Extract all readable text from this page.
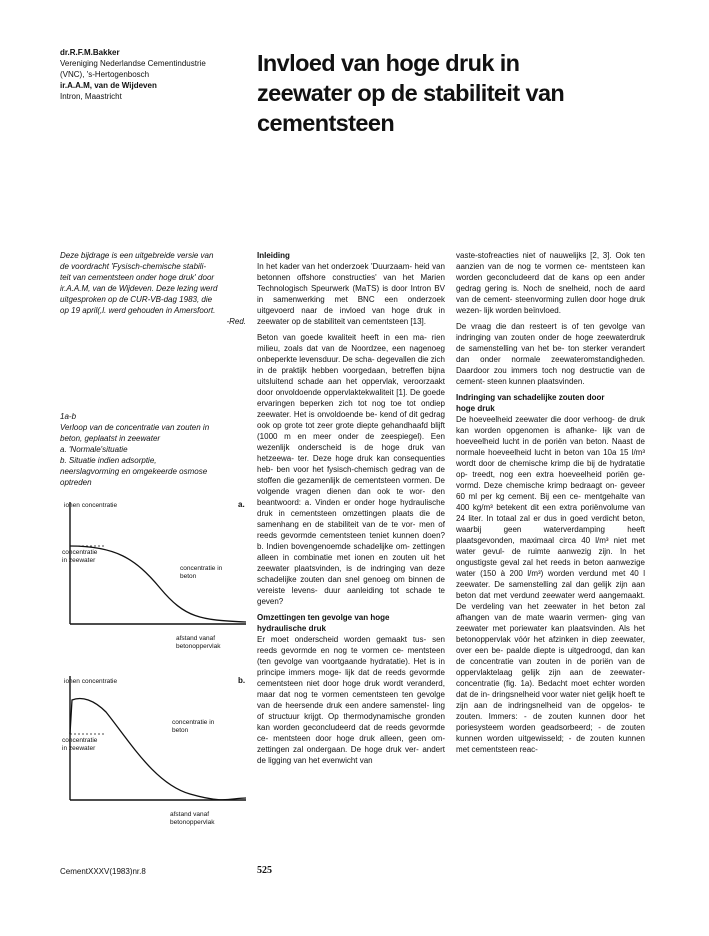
dr.R.F.M.Bakker
Vereniging Nederlandse Cementindustrie
(VNC), 's-Hertogenbosch
ir.A.A.M, van de Wijdeven
Intron, Maastricht
Invloed van hoge druk in
zeewater op de stabiliteit van
cementsteen
Deze bijdrage is een uitgebreide versie van
de voordracht 'Fysisch-chemische stabili-
teit van cementsteen onder hoge druk' door
ir.A.A.M, van de Wijdeven. Deze lezing werd
uitgesproken op de CUR-VB-dag 1983, die
op 19 april(,l. werd gehouden in Amersfoort.
-Red.
1a-b
Verloop van de concentratie van zouten in
beton, geplaatst in zeewater
a. 'Normale'situatie
b. Situatie indien adsorptie,
neerslagvorming en omgekeerde osmose
optreden
ionen concentratie	a.
concentratie
in zeewater
concentratie in
beton
afstand vanaf
betonoppervlak
ionen concentratie	b.
concentratie
in zeewater
concentratie in
beton
afstand vanaf
betonoppervlak
Inleiding

In het kader van het onderzoek 'Duurzaam- heid van betonnen offshore constructies' van het Marien Technologisch Speurwerk (MaTS) is door Intron BV in samenwerking met BNC een onderzoek uitgevoerd naar de invloed van hoge druk in zeewater op de stabiliteit van cementsteen [13].

Beton van goede kwaliteit heeft in een ma- rien milieu, zoals dat van de Noordzee, een nagenoeg onbeperkte levensduur. De scha- degevallen die zich in de praktijk hebben voorgedaan, betreffen bijna uitsluitend schade aan het oppervlak, veroorzaakt door onvoldoende oppervlaktekwaliteit [1]. De goede ervaringen beperken zich tot nog toe tot ondiep zeewater. Het is onvoldoende be- kend of dit gedrag ook op grote tot zeer grote diepte gehandhaafd blijft (1000 m en meer onder de zeespiegel). Een wezenlijk onderscheid is de hoge druk van hetzeewa- ter. Deze hoge druk kan consequenties heb- ben voor het fysisch-chemisch gedrag van de stoffen die gezamenlijk de cementsteen vormen. De volgende vragen dienen dan ook te wor- den beantwoord: a. Vinden er onder hoge hydraulische druk in cementsteen omzettingen plaats die de samenhang en de stabiliteit van de te vor- men of reeds gevormde cementsteen teniet kunnen doen? b. Indien bovengenoemde schadelijke om- zettingen alleen in combinatie met ionen en zouten uit het zeewater plaatsvinden, is de indringing van deze schadelijke zouten dan snel genoeg om binnen de vereiste levens- duur aanleiding tot schade te geven?

Omzettingen ten gevolge van hoge
hydraulische druk

Er moet onderscheid worden gemaakt tus- sen reeds gevormde en nog te vormen ce- mentsteen (ten gevolge van voortgaande hydratatie). Het is in principe immers moge- lijk dat de reeds gevormde cementsteen niet door hoge druk wordt veranderd, maar dat nog te vormen cementsteen ten gevolge van de heersende druk een andere samenstel- ling of structuur krijgt. Op thermodynamische gronden kan worden geconcludeerd dat de reeds gevormde ce- mentsteen door hoge druk alleen, geen om- zettingen zal ondergaan. De hoge druk ver- andert de ligging van het evenwicht van

vaste-stofreacties niet of nauwelijks [2, 3]. Ook ten aanzien van de nog te vormen ce- mentsteen kan worden geconcludeerd dat de kans op een ander gedrag gering is. Noch de snelheid, noch de aard van de cement- steenvorming zullen door hoge druk wezen- lijk worden beïnvloed.

De vraag die dan resteert is of ten gevolge van indringing van zouten onder de hoge zeewaterdruk de samenstelling van het be- ton sterker verandert dan onder normale zeewateromstandigheden. Daardoor zou immers toch nog destructie van de cement- steen kunnen plaatsvinden.

Indringing van schadelijke zouten door
hoge druk

De hoeveelheid zeewater die door verhoog- de druk kan worden opgenomen is afhanke- lijk van de hoeveelheid lucht in de poriën van beton. Naast de normale hoeveelheid lucht in beton van 10a 15 l/m³ wordt door de chemische krimp die bij de hydratatie op- treedt, nog een extra hoeveelheid poriën ge- vormd. Deze chemische krimp bedraagt on- geveer 60 ml per kg cement. Bij een ce- mentgehalte van 400 kg/m³ betekent dit een extra poriënvolume van 24 liter. In totaal zal er dus in goed verdicht beton, waarbij geen	waterverdamping heeft plaatsgevonden, maximaal circa 40 l/m³ niet met water gevul- de ruimte aanwezig zijn. In het ongustigste geval zal het reeds in beton aanwezige water (150 à 200 l/m³) worden verdund met 40 l zeewater. De samenstelling zal dan gelijk zijn aan beton dat met verdund zeewater werd aangemaakt. De verdeling van het zeewater in het beton zal afhangen van de mate waarin vermen- ging van zeewater met poriewater kan plaatsvinden. Als het betonoppervlak vóór het afzinken in diep zeewater, over een be- paalde diepte is uitgedroogd, dan kan de concentratie van zouten in de poriën van de oppervlaktelaag gelijk zijn aan de zeewater- concentratie (fig. 1a). Bedacht moet echter worden dat de in- dringsnelheid voor water niet gelijk hoeft te zijn aan de indringsnelheid van de opgelos- te zouten. Immers: - de zouten kunnen door het poriesysteem worden geadsorbeerd; - de zouten kunnen worden uitgewisseld; - de zouten kunnen met cementsteen reac-

CementXXXV(1983)nr.8	525
